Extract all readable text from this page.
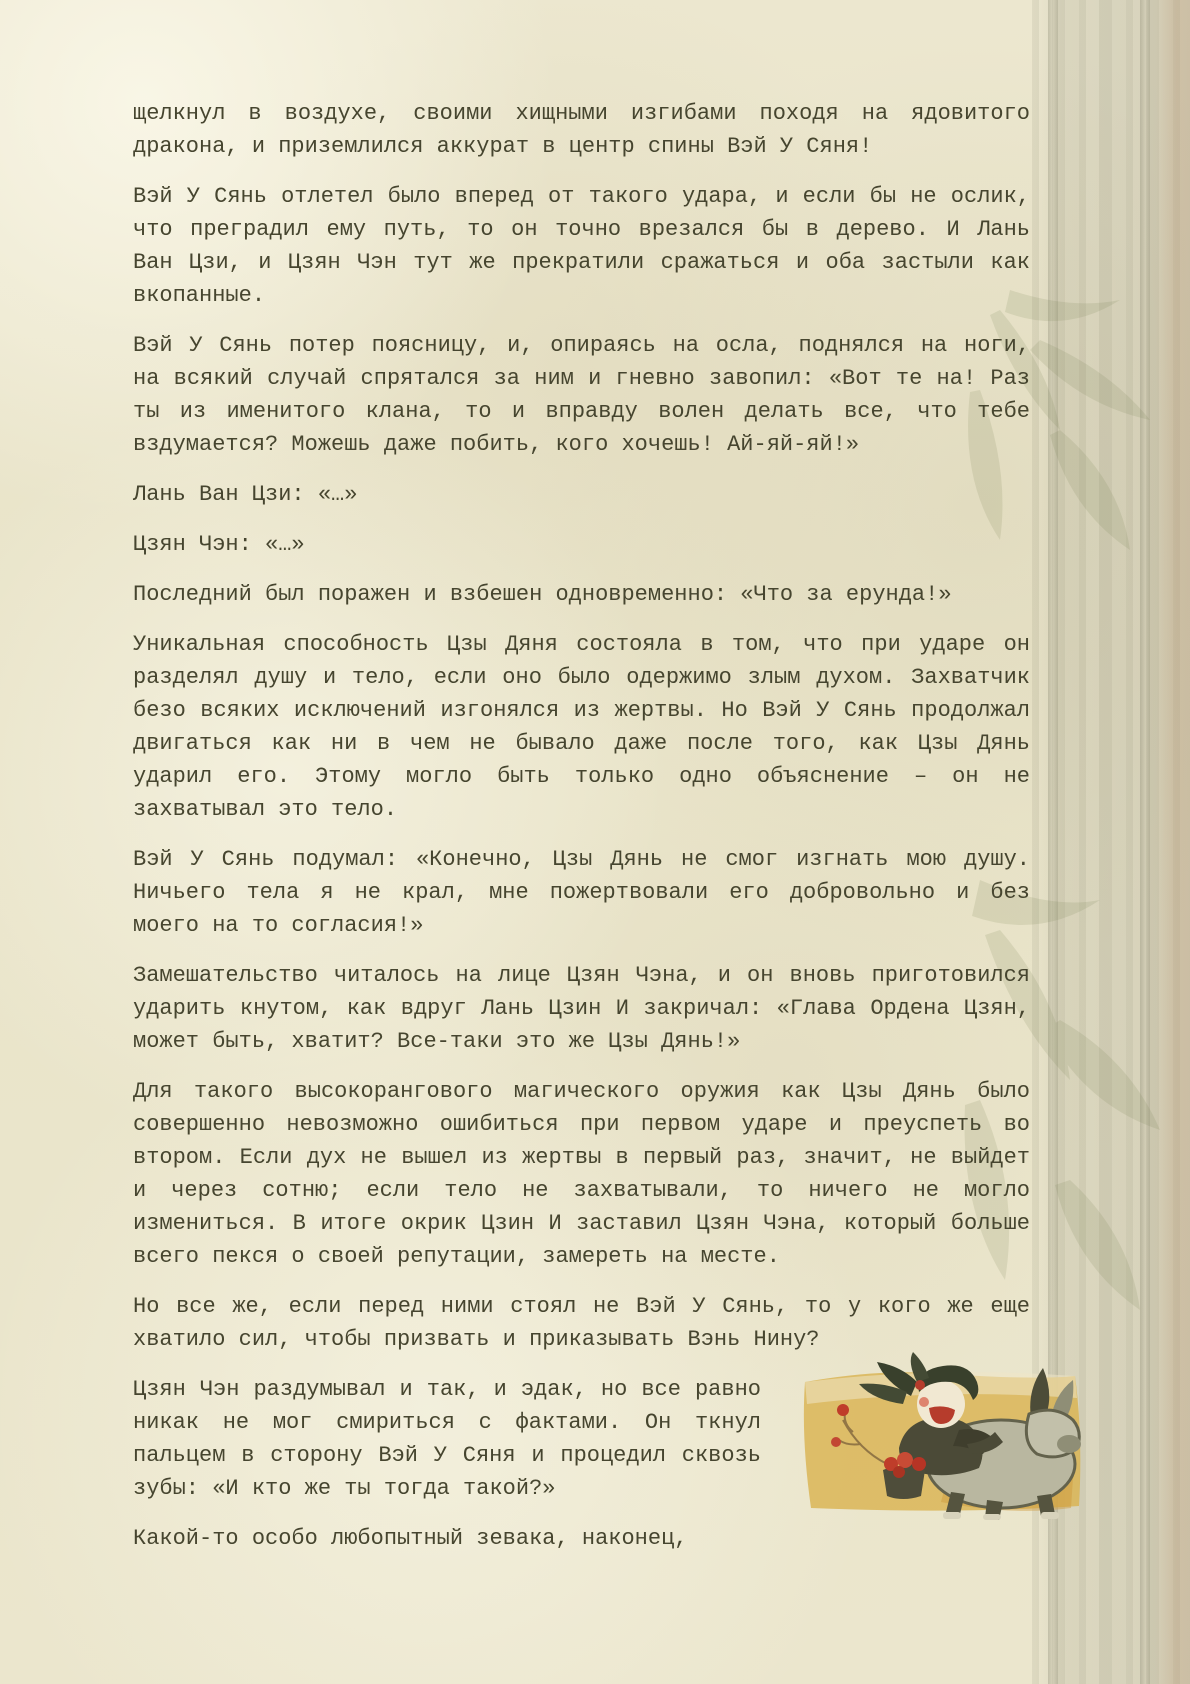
щелкнул в воздухе, своими хищными изгибами походя на ядовитого дракона, и приземлился аккурат в центр спины Вэй У Сяня!

Вэй У Сянь отлетел было вперед от такого удара, и если бы не ослик, что преградил ему путь, то он точно врезался бы в дерево. И Лань Ван Цзи, и Цзян Чэн тут же прекратили сражаться и оба застыли как вкопанные.

Вэй У Сянь потер поясницу, и, опираясь на осла, поднялся на ноги, на всякий случай спрятался за ним и гневно завопил: «Вот те на! Раз ты из именитого клана, то и вправду волен делать все, что тебе вздумается? Можешь даже побить, кого хочешь! Ай-яй-яй!»

Лань Ван Цзи: «…»

Цзян Чэн: «…»

Последний был поражен и взбешен одновременно: «Что за ерунда!»

Уникальная способность Цзы Дяня состояла в том, что при ударе он разделял душу и тело, если оно было одержимо злым духом. Захватчик безо всяких исключений изгонялся из жертвы. Но Вэй У Сянь продолжал двигаться как ни в чем не бывало даже после того, как Цзы Дянь ударил его. Этому могло быть только одно объяснение – он не захватывал это тело.

Вэй У Сянь подумал: «Конечно, Цзы Дянь не смог изгнать мою душу. Ничьего тела я не крал, мне пожертвовали его добровольно и без моего на то согласия!»

Замешательство читалось на лице Цзян Чэна, и он вновь приготовился ударить кнутом, как вдруг Лань Цзин И закричал: «Глава Ордена Цзян, может быть, хватит? Все-таки это же Цзы Дянь!»

Для такого высокорангового магического оружия как Цзы Дянь было совершенно невозможно ошибиться при первом ударе и преуспеть во втором. Если дух не вышел из жертвы в первый раз, значит, не выйдет и через сотню; если тело не захватывали, то ничего не могло измениться. В итоге окрик Цзин И заставил Цзян Чэна, который больше всего пекся о своей репутации, замереть на месте.

Но все же, если перед ними стоял не Вэй У Сянь, то у кого же еще хватило сил, чтобы призвать и приказывать Вэнь Нину?

Цзян Чэн раздумывал и так, и эдак, но все равно никак не мог смириться с фактами. Он ткнул пальцем в сторону Вэй У Сяня и процедил сквозь зубы: «И кто же ты тогда такой?»

Какой-то особо любопытный зевака, наконец,
